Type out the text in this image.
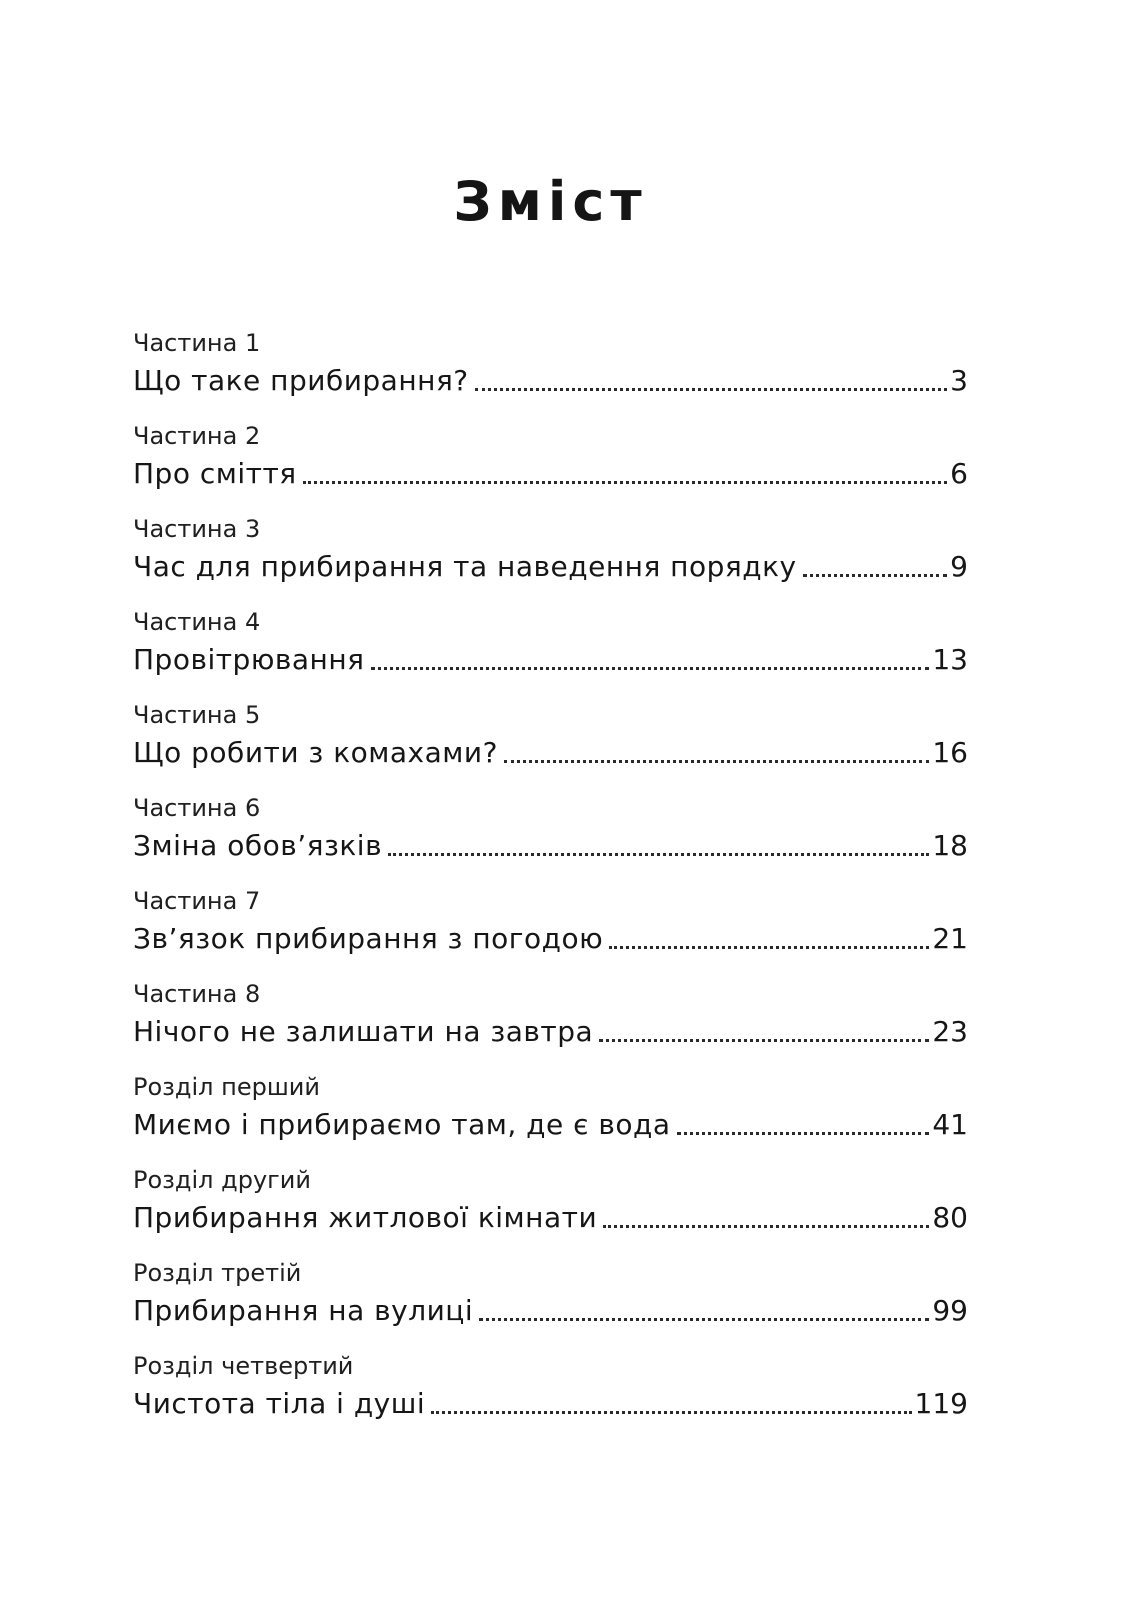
Зміст
Частина 1
Що таке прибирання?	3
Частина 2
Про сміття	6
Частина 3
Час для прибирання та наведення порядку	9
Частина 4
Провітрювання	13
Частина 5
Що робити з комахами?	16
Частина 6
Зміна обов’язків	18
Частина 7
Зв’язок прибирання з погодою	21
Частина 8
Нічого не залишати на завтра	23
Розділ перший
Миємо і прибираємо там, де є вода	41
Розділ другий
Прибирання житлової кімнати	80
Розділ третій
Прибирання на вулиці	99
Розділ четвертий
Чистота тіла і душі	119
